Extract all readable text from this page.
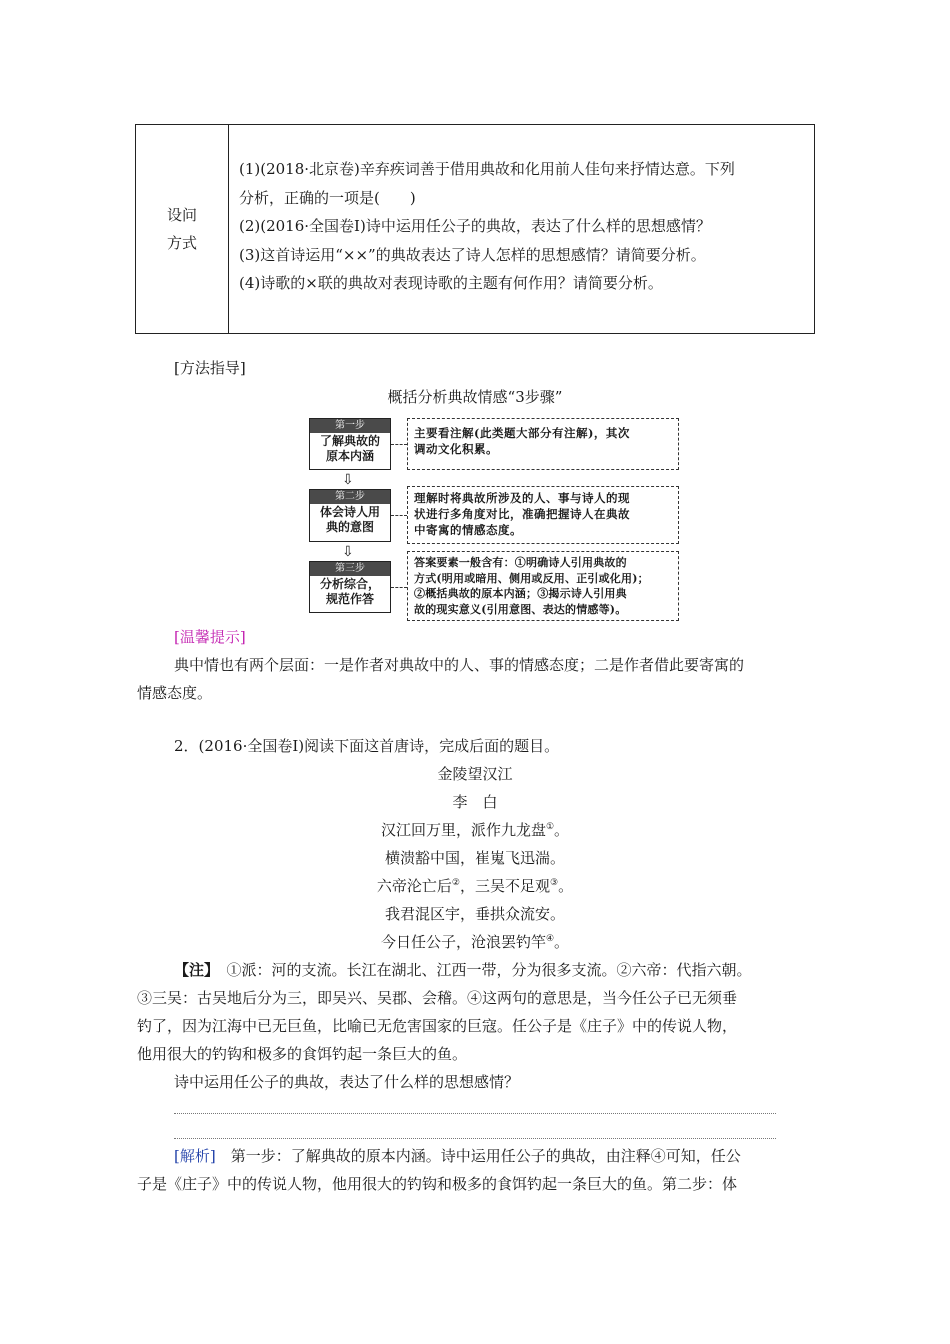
设问
方式
(1)(2018·北京卷)辛弃疾词善于借用典故和化用前人佳句来抒情达意。下列
分析，正确的一项是(　　)
(2)(2016·全国卷Ⅰ)诗中运用任公子的典故，表达了什么样的思想感情？
(3)这首诗运用“××”的典故表达了诗人怎样的思想感情？请简要分析。
(4)诗歌的×联的典故对表现诗歌的主题有何作用？请简要分析。
[方法指导]
概括分析典故情感“3步骤”
第一步
了解典故的
原本内涵
主要看注解(此类题大部分有注解)，其次
调动文化积累。
⇩
第二步
体会诗人用
典的意图
理解时将典故所涉及的人、事与诗人的现
状进行多角度对比，准确把握诗人在典故
中寄寓的情感态度。
⇩
第三步
分析综合，
规范作答
答案要素一般含有：①明确诗人引用典故的
方式(明用或暗用、侧用或反用、正引或化用)；
②概括典故的原本内涵；③揭示诗人引用典
故的现实意义(引用意图、表达的情感等)。
[温馨提示]
典中情也有两个层面：一是作者对典故中的人、事的情感态度；二是作者借此要寄寓的
情感态度。
2．(2016·全国卷Ⅰ)阅读下面这首唐诗，完成后面的题目。
金陵望汉江
李　白
汉江回万里，派作九龙盘①。
横溃豁中国，崔嵬飞迅湍。
六帝沦亡后②，三吴不足观③。
我君混区宇，垂拱众流安。
今日任公子，沧浪罢钓竿④。
【注】　①派：河的支流。长江在湖北、江西一带，分为很多支流。②六帝：代指六朝。
③三吴：古吴地后分为三，即吴兴、吴郡、会稽。④这两句的意思是，当今任公子已无须垂
钓了，因为江海中已无巨鱼，比喻已无危害国家的巨寇。任公子是《庄子》中的传说人物，
他用很大的钓钩和极多的食饵钓起一条巨大的鱼。
诗中运用任公子的典故，表达了什么样的思想感情？
[解析]　第一步：了解典故的原本内涵。诗中运用任公子的典故，由注释④可知，任公
子是《庄子》中的传说人物，他用很大的钓钩和极多的食饵钓起一条巨大的鱼。第二步：体
